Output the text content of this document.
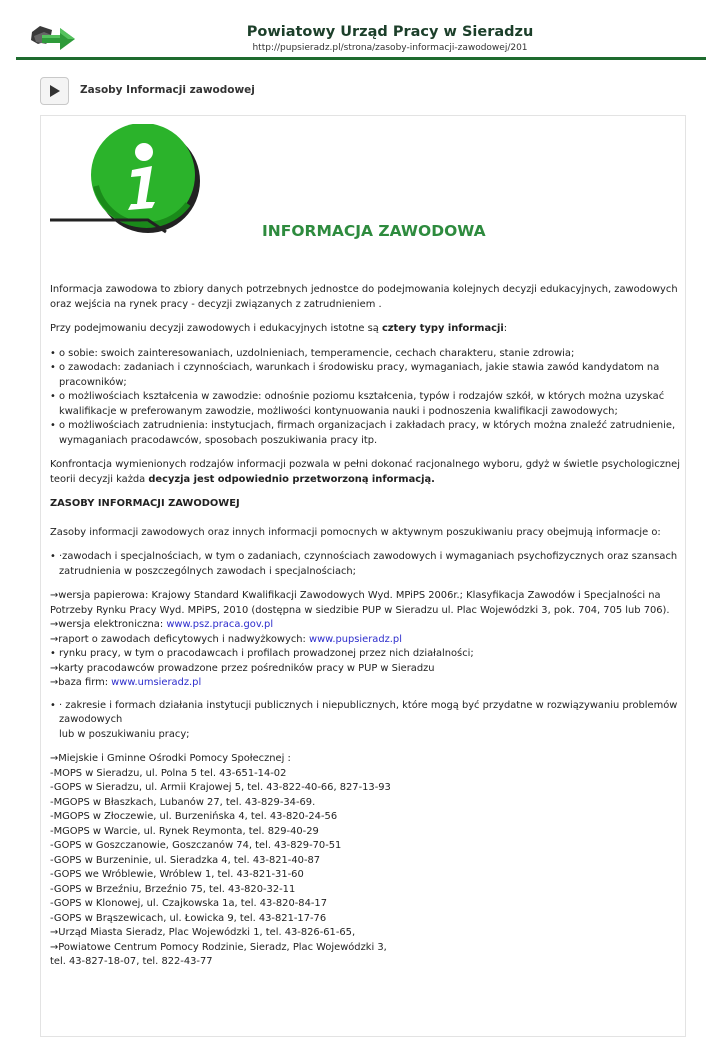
Powiatowy Urząd Pracy w Sieradzu
http://pupsieradz.pl/strona/zasoby-informacji-zawodowej/201
Zasoby Informacji zawodowej
INFORMACJA ZAWODOWA

Informacja zawodowa to zbiory danych potrzebnych jednostce do podejmowania kolejnych decyzji edukacyjnych, zawodowych oraz wejścia na rynek pracy - decyzji związanych z zatrudnieniem .

Przy podejmowaniu decyzji zawodowych i edukacyjnych istotne są cztery typy informacji:

• o sobie: swoich zainteresowaniach, uzdolnieniach, temperamencie, cechach charakteru, stanie zdrowia;
• o zawodach: zadaniach i czynnościach, warunkach i środowisku pracy, wymaganiach, jakie stawia zawód kandydatom na pracowników;
• o możliwościach kształcenia w zawodzie: odnośnie poziomu kształcenia, typów i rodzajów szkół, w których można uzyskać kwalifikacje w preferowanym zawodzie, możliwości kontynuowania nauki i podnoszenia kwalifikacji zawodowych;
• o możliwościach zatrudnienia: instytucjach, firmach organizacjach i zakładach pracy, w których można znaleźć zatrudnienie, wymaganiach pracodawców, sposobach poszukiwania pracy itp.

Konfrontacja wymienionych rodzajów informacji pozwala w pełni dokonać racjonalnego wyboru, gdyż w świetle psychologicznej teorii decyzji każda decyzja jest odpowiednio przetworzoną informacją.

ZASOBY INFORMACJI ZAWODOWEJ

Zasoby informacji zawodowych oraz innych informacji pomocnych w aktywnym poszukiwaniu pracy obejmują informacje o:

• ·zawodach i specjalnościach, w tym o zadaniach, czynnościach zawodowych i wymaganiach psychofizycznych oraz szansach zatrudnienia w poszczególnych zawodach i specjalnościach;
→wersja papierowa: Krajowy Standard Kwalifikacji Zawodowych Wyd. MPiPS 2006r.; Klasyfikacja Zawodów i Specjalności na Potrzeby Rynku Pracy Wyd. MPiPS, 2010 (dostępna w siedzibie PUP w Sieradzu ul. Plac Wojewódzki 3, pok. 704, 705 lub 706).
→wersja elektroniczna: www.psz.praca.gov.pl
→raport o zawodach deficytowych i nadwyżkowych: www.pupsieradz.pl
• rynku pracy, w tym o pracodawcach i profilach prowadzonej przez nich działalności;
→karty pracodawców prowadzone przez pośredników pracy w PUP w Sieradzu
→baza firm: www.umsieradz.pl
• · zakresie i formach działania instytucji publicznych i niepublicznych, które mogą być przydatne w rozwiązywaniu problemów zawodowych
lub w poszukiwaniu pracy;
→Miejskie i Gminne Ośrodki Pomocy Społecznej :
-MOPS w Sieradzu, ul. Polna 5 tel. 43-651-14-02
-GOPS w Sieradzu, ul. Armii Krajowej 5, tel. 43-822-40-66, 827-13-93
-MGOPS w Błaszkach, Lubanów 27, tel. 43-829-34-69.
-MGOPS w Złoczewie, ul. Burzenińska 4, tel. 43-820-24-56
-MGOPS w Warcie, ul. Rynek Reymonta, tel. 829-40-29
-GOPS w Goszczanowie, Goszczanów 74, tel. 43-829-70-51
-GOPS w Burzeninie, ul. Sieradzka 4, tel. 43-821-40-87
-GOPS we Wróblewie, Wróblew 1, tel. 43-821-31-60
-GOPS w Brzeźniu, Brzeźnio 75, tel. 43-820-32-11
-GOPS w Klonowej, ul. Czajkowska 1a, tel. 43-820-84-17
-GOPS w Brąszewicach, ul. Łowicka 9, tel. 43-821-17-76
→Urząd Miasta Sieradz, Plac Wojewódzki 1, tel. 43-826-61-65,
→Powiatowe Centrum Pomocy Rodzinie, Sieradz, Plac Wojewódzki 3,
tel. 43-827-18-07, tel. 822-43-77
